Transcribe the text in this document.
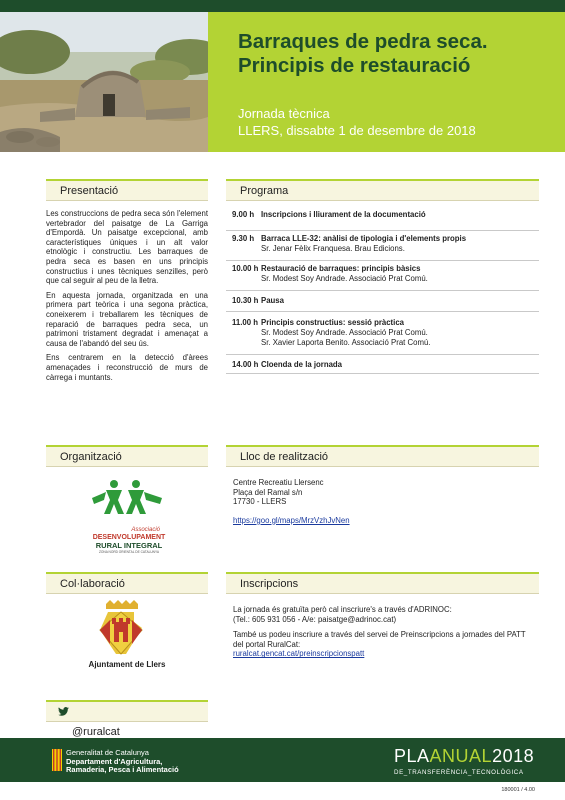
Barraques de pedra seca.
Principis de restauració
Jornada tècnica
LLERS, dissabte 1 de desembre de 2018
Presentació

Les construccions de pedra seca són l'element vertebrador del paisatge de La Garriga d'Empordà. Un paisatge excepcional, amb característiques úniques i un alt valor etnològic i constructiu. Les barraques de pedra seca es basen en uns principis constructius i unes tècniques senzilles, però que cal seguir al peu de la lletra.

En aquesta jornada, organitzada en una primera part teòrica i una segona pràctica, coneixerem i treballarem les tècniques de reparació de barraques pedra seca, un patrimoni tristament degradat i amenaçat a causa de l'abandó del seu ús.

Ens centrarem en la detecció d'àrees amenaçades i reconstrucció de murs de càrrega i muntants.

Programa
9.00 h Inscripcions i lliurament de la documentació
9.30 h Barraca LLE-32: anàlisi de tipologia i d'elements propis
Sr. Jenar Fèlix Franquesa. Brau Edicions.
10.00 h Restauració de barraques: principis bàsics
Sr. Modest Soy Andrade. Associació Prat Comú.
10.30 h Pausa
11.00 h Principis constructius: sessió pràctica
Sr. Modest Soy Andrade. Associació Prat Comú.
Sr. Xavier Laporta Benito. Associació Prat Comú.
14.00 h Cloenda de la jornada
Organització
Associació
DESENVOLUPAMENT
RURAL INTEGRAL
ZONA NORD ORIENTAL DE CATALUNYA
Lloc de realització
Centre Recreatiu Llersenc
Plaça del Ramal s/n
17730 - LLERS
https://goo.gl/maps/MrzVzhJvNen
Col·laboració
Ajuntament de Llers
Inscripcions
La jornada és gratuïta però cal inscriure's a través d'ADRINOC:
(Tel.: 605 931 056 - A/e: paisatge@adrinoc.cat)
També us podeu inscriure a través del servei de Preinscripcions a jornades del PATT del portal RuralCat:
ruralcat.gencat.cat/preinscripcionspatt
@ruralcat
Generalitat de Catalunya
Departament d'Agricultura,
Ramaderia, Pesca i Alimentació
PLAANUAL2018
DE_TRANSFERÈNCIA_TECNOLÒGICA
180001 / 4.00
